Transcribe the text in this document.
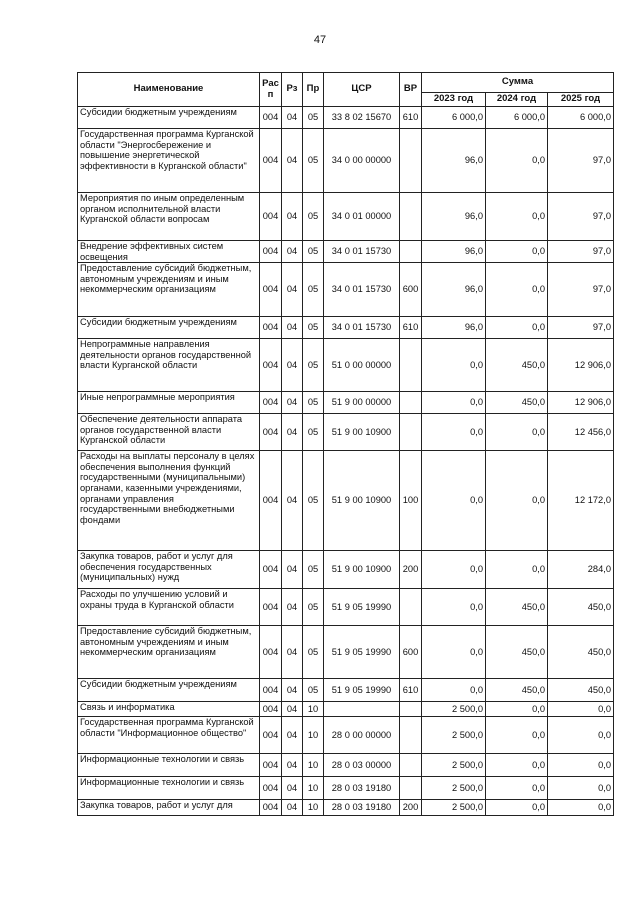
47
Наименование	Рас п	Рз	Пр	ЦСР	ВР	Сумма		
						2023 год	2024 год	2025 год
Субсидии бюджетным учреждениям	004	04	05	33 8 02 15670	610	6 000,0	6 000,0	6 000,0
Государственная программа Курганской области "Энергосбережение и повышение энергетической эффективности в Курганской области"	004	04	05	34 0 00 00000		96,0	0,0	97,0
Мероприятия по иным определенным органом исполнительной власти Курганской области вопросам	004	04	05	34 0 01 00000		96,0	0,0	97,0
Внедрение эффективных систем освещения	004	04	05	34 0 01 15730		96,0	0,0	97,0
Предоставление субсидий бюджетным, автономным учреждениям и иным некоммерческим организациям	004	04	05	34 0 01 15730	600	96,0	0,0	97,0
Субсидии бюджетным учреждениям	004	04	05	34 0 01 15730	610	96,0	0,0	97,0
Непрограммные направления деятельности органов государственной власти Курганской области	004	04	05	51 0 00 00000		0,0	450,0	12 906,0
Иные непрограммные мероприятия	004	04	05	51 9 00 00000		0,0	450,0	12 906,0
Обеспечение деятельности аппарата органов государственной власти Курганской области	004	04	05	51 9 00 10900		0,0	0,0	12 456,0
Расходы на выплаты персоналу в целях обеспечения выполнения функций государственными (муниципальными) органами, казенными учреждениями, органами управления государственными внебюджетными фондами	004	04	05	51 9 00 10900	100	0,0	0,0	12 172,0
Закупка товаров, работ и услуг для обеспечения государственных (муниципальных) нужд	004	04	05	51 9 00 10900	200	0,0	0,0	284,0
Расходы по улучшению условий и охраны труда в Курганской области	004	04	05	51 9 05 19990		0,0	450,0	450,0
Предоставление субсидий бюджетным, автономным учреждениям и иным некоммерческим организациям	004	04	05	51 9 05 19990	600	0,0	450,0	450,0
Субсидии бюджетным учреждениям	004	04	05	51 9 05 19990	610	0,0	450,0	450,0
Связь и информатика	004	04	10			2 500,0	0,0	0,0
Государственная программа Курганской области "Информационное общество"	004	04	10	28 0 00 00000		2 500,0	0,0	0,0
Информационные технологии и связь	004	04	10	28 0 03 00000		2 500,0	0,0	0,0
Информационные технологии и связь	004	04	10	28 0 03 19180		2 500,0	0,0	0,0
Закупка товаров, работ и услуг для	004	04	10	28 0 03 19180	200	2 500,0	0,0	0,0
